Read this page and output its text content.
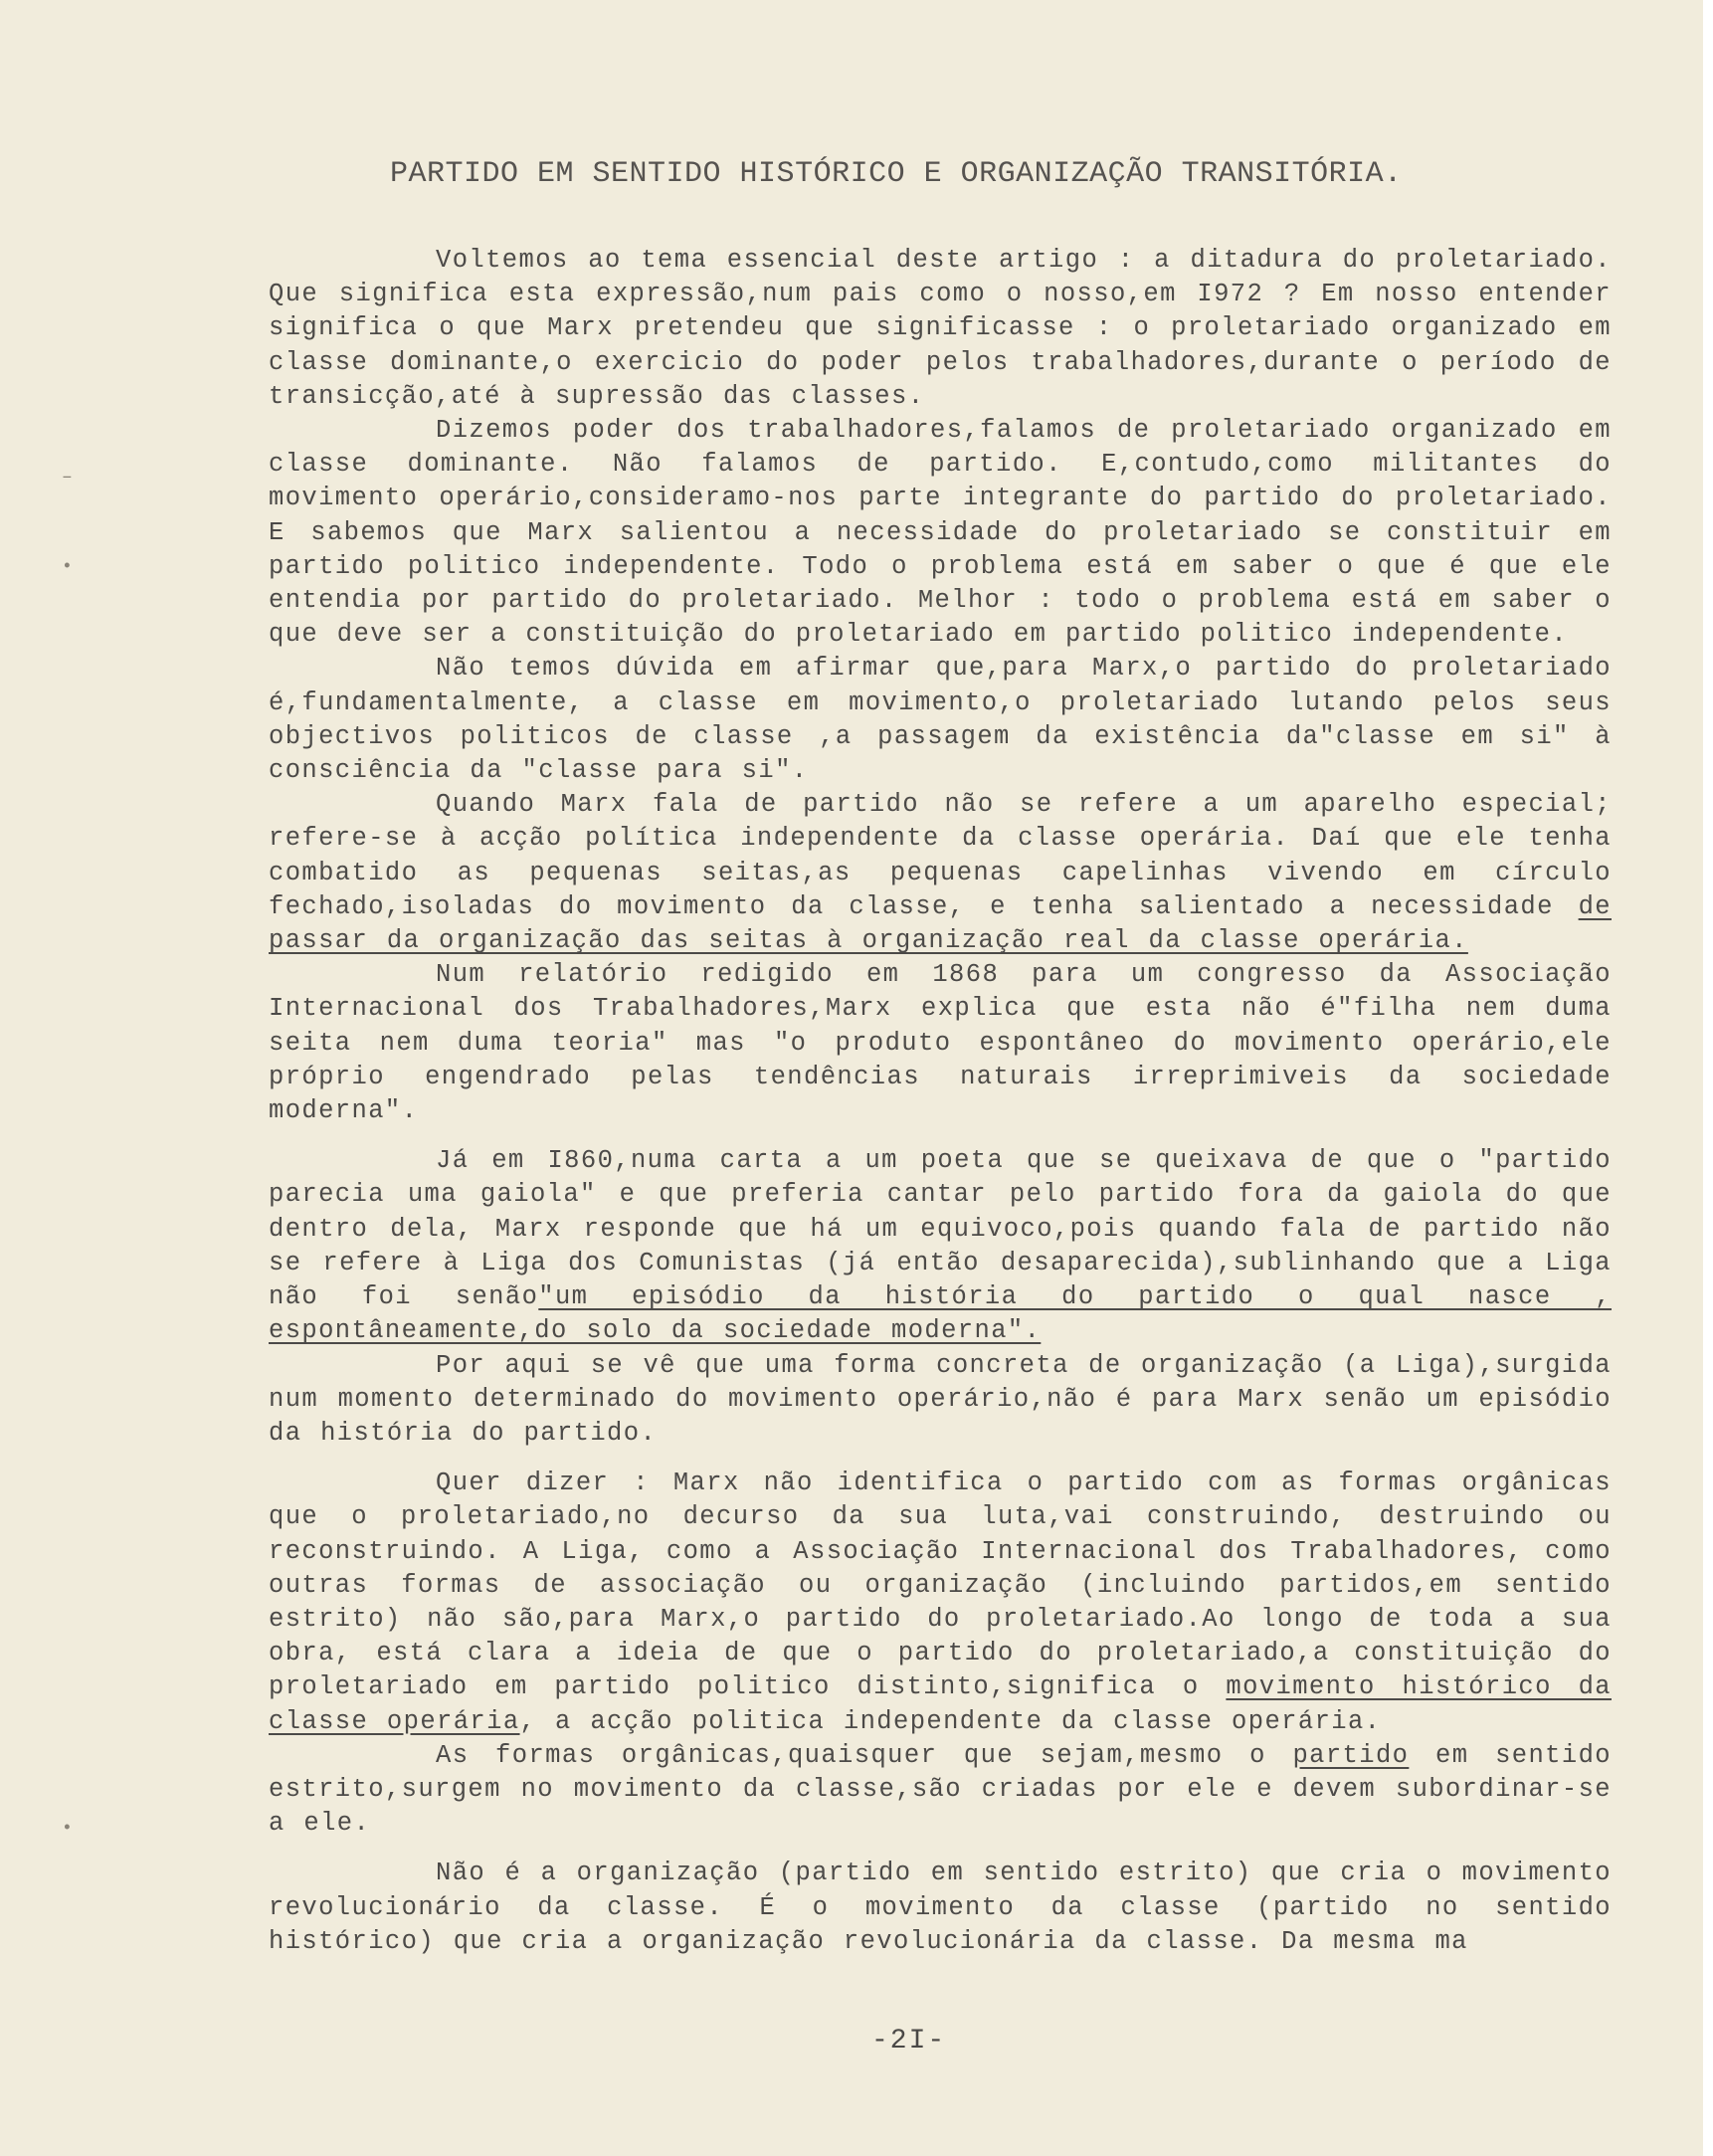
–
•
•
PARTIDO EM SENTIDO HISTÓRICO E ORGANIZAÇÃO TRANSITÓRIA.

Voltemos ao tema essencial deste artigo : a ditadura do proletariado. Que significa esta expressão,num pais como o nosso,em I972 ? Em nosso entender significa o que Marx pretendeu que significasse : o proletariado organizado em classe dominante,o exercicio do poder pelos trabalhadores,durante o período de transicção,até à supressão das classes.

Dizemos poder dos trabalhadores,falamos de proletariado organizado em classe dominante. Não falamos de partido. E,contudo,como militantes do movimento operário,consideramo-nos parte integrante do partido do proletariado. E sabemos que Marx salientou a necessidade do proletariado se constituir em partido politico independente. Todo o problema está em saber o que é que ele entendia por partido do proletariado. Melhor : todo o problema está em saber o que deve ser a constituição do proletariado em partido politico independente.

Não temos dúvida em afirmar que,para Marx,o partido do proletariado é,fundamentalmente, a classe em movimento,o proletariado lutando pelos seus objectivos politicos de classe ,a passagem da existência da"classe em si" à consciência da "classe para si".

Quando Marx fala de partido não se refere a um aparelho especial; refere-se à acção política independente da classe operária. Daí que ele tenha combatido as pequenas seitas,as pequenas capelinhas vivendo em círculo fechado,isoladas do movimento da classe, e tenha salientado a necessidade de passar da organização das seitas à organização real da classe operária.

Num relatório redigido em 1868 para um congresso da Associação Internacional dos Trabalhadores,Marx explica que esta não é"filha nem duma seita nem duma teoria" mas "o produto espontâneo do movimento operário,ele próprio engendrado pelas tendências naturais irreprimiveis da sociedade moderna".

Já em I860,numa carta a um poeta que se queixava de que o "partido parecia uma gaiola" e que preferia cantar pelo partido fora da gaiola do que dentro dela, Marx responde que há um equivoco,pois quando fala de partido não se refere à Liga dos Comunistas (já então desaparecida),sublinhando que a Liga não foi senão"um episódio da história do partido o qual nasce , espontâneamente,do solo da sociedade moderna".

Por aqui se vê que uma forma concreta de organização (a Liga),surgida num momento determinado do movimento operário,não é para Marx senão um episódio da história do partido.

Quer dizer : Marx não identifica o partido com as formas orgânicas que o proletariado,no decurso da sua luta,vai construindo, destruindo ou reconstruindo. A Liga, como a Associação Internacional dos Trabalhadores, como outras formas de associação ou organização (incluindo partidos,em sentido estrito) não são,para Marx,o partido do proletariado.Ao longo de toda a sua obra, está clara a ideia de que o partido do proletariado,a constituição do proletariado em partido politico distinto,significa o movimento histórico da classe operária, a acção politica independente da classe operária.

As formas orgânicas,quaisquer que sejam,mesmo o partido em sentido estrito,surgem no movimento da classe,são criadas por ele e devem subordinar-se a ele.

Não é a organização (partido em sentido estrito) que cria o movimento revolucionário da classe. É o movimento da classe (partido no sentido histórico) que cria a organização revolucionária da classe. Da mesma ma

-2I-
